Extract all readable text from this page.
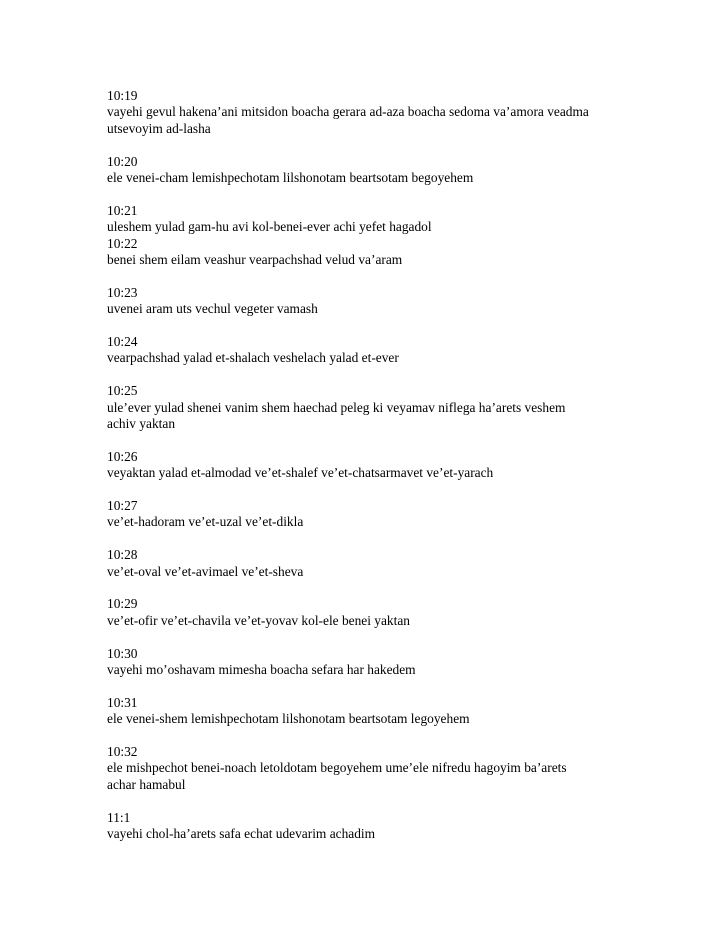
10:19
vayehi gevul hakena’ani mitsidon boacha gerara ad-aza boacha sedoma va’amora veadma
utsevoyim ad-lasha
10:20
ele venei-cham lemishpechotam lilshonotam beartsotam begoyehem
10:21
uleshem yulad gam-hu avi kol-benei-ever achi yefet hagadol
10:22
benei shem eilam veashur vearpachshad velud va’aram
10:23
uvenei aram uts vechul vegeter vamash
10:24
vearpachshad yalad et-shalach veshelach yalad et-ever
10:25
ule’ever yulad shenei vanim shem haechad peleg ki veyamav niflega ha’arets veshem
achiv yaktan
10:26
veyaktan yalad et-almodad ve’et-shalef ve’et-chatsarmavet ve’et-yarach
10:27
ve’et-hadoram ve’et-uzal ve’et-dikla
10:28
ve’et-oval ve’et-avimael ve’et-sheva
10:29
ve’et-ofir ve’et-chavila ve’et-yovav kol-ele benei yaktan
10:30
vayehi mo’oshavam mimesha boacha sefara har hakedem
10:31
ele venei-shem lemishpechotam lilshonotam beartsotam legoyehem
10:32
ele mishpechot benei-noach letoldotam begoyehem ume’ele nifredu hagoyim ba’arets
achar hamabul
11:1
vayehi chol-ha’arets safa echat udevarim achadim
